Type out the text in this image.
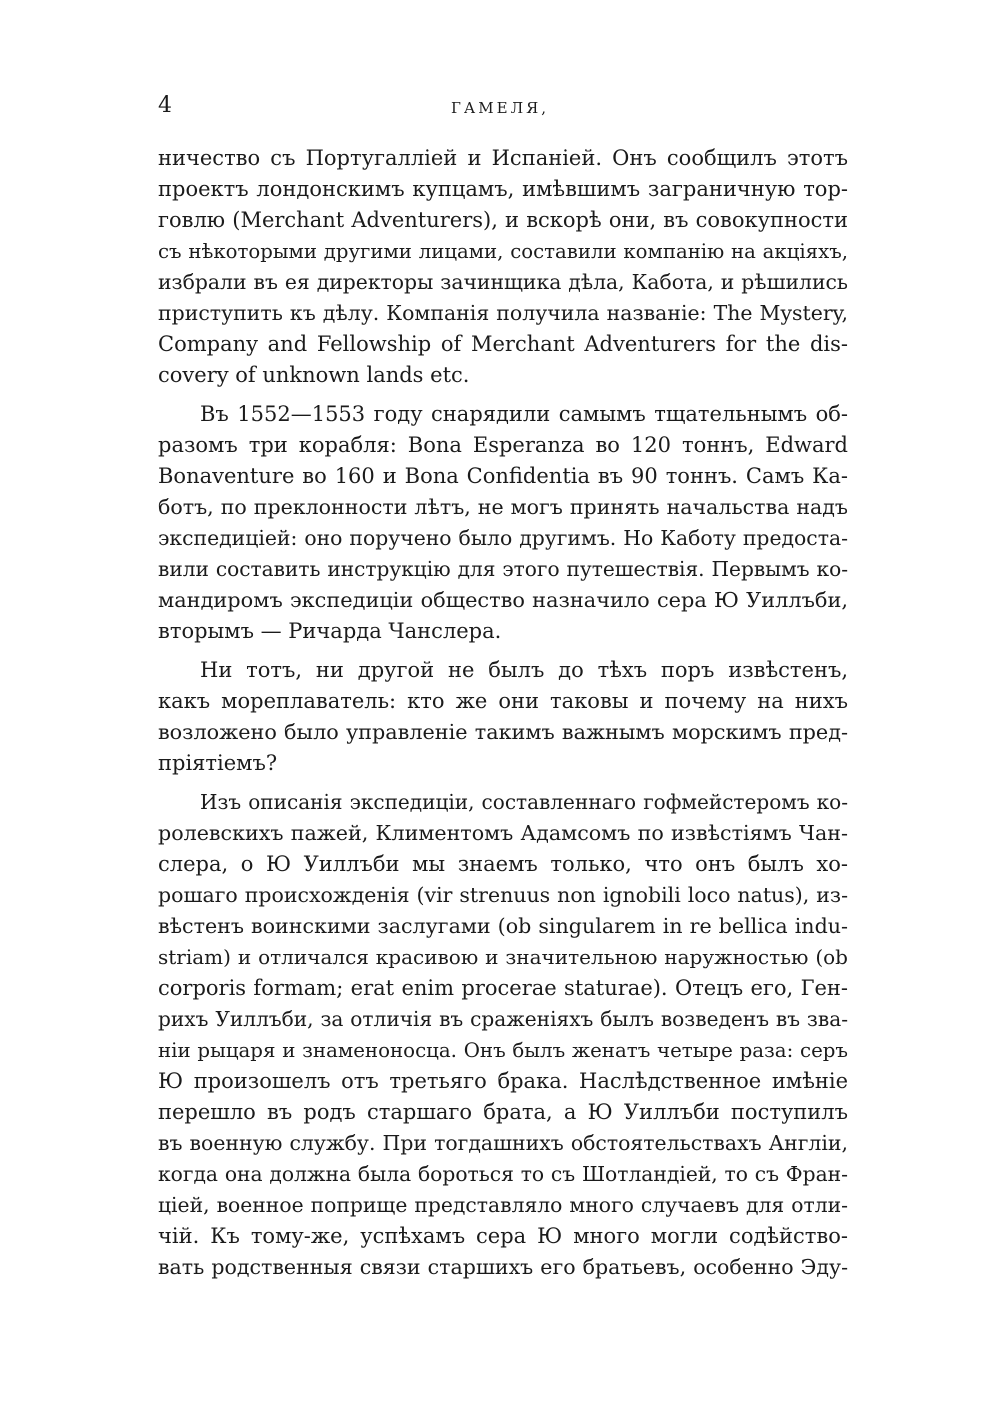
4	ГАМЕЛЯ,
ничество съ Португаллiей и Испанiей. Онъ сообщилъ этотъ
проектъ лондонскимъ купцамъ, имѣвшимъ заграничную тор-
говлю (Merchant Adventurers), и вскорѣ они, въ совокупности
съ нѣкоторыми другими лицами, составили компанiю на акцiяхъ,
избрали въ ея директоры зачинщика дѣла, Кабота, и рѣшились
приступить къ дѣлу. Компанiя получила названiе: The Mystery,
Company and Fellowship of Merchant Adventurers for the dis-
covery of unknown lands etc.
Въ 1552—1553 году снарядили самымъ тщательнымъ об-
разомъ три корабля: Bona Esperanza во 120 тоннъ, Edward
Bonaventure во 160 и Bona Confidentia въ 90 тоннъ. Самъ Ка-
ботъ, по преклонности лѣтъ, не могъ принять начальства надъ
экспедицiей: оно поручено было другимъ. Но Каботу предоста-
вили составить инструкцiю для этого путешествiя. Первымъ ко-
мандиромъ экспедицiи общество назначило сера Ю Уиллъби,
вторымъ — Ричарда Чанслера.
Ни тотъ, ни другой не былъ до тѣхъ поръ извѣстенъ,
какъ мореплаватель: кто же они таковы и почему на нихъ
возложено было управленiе такимъ важнымъ морскимъ пред-
прiятiемъ?
Изъ описанiя экспедицiи, составленнаго гофмейстеромъ ко-
ролевскихъ пажей, Климентомъ Адамсомъ по извѣстiямъ Чан-
слера, о Ю Уиллъби мы знаемъ только, что онъ былъ хо-
рошаго происхожденiя (vir strenuus non ignobili loco natus), из-
вѣстенъ воинскими заслугами (ob singularem in re bellica indu-
striam) и отличался красивою и значительною наружностью (ob
corporis formam; erat enim procerae staturae). Отецъ его, Ген-
рихъ Уиллъби, за отличiя въ сраженiяхъ былъ возведенъ въ зва-
нiи рыцаря и знаменоносца. Онъ былъ женатъ четыре раза: серъ
Ю произошелъ отъ третьяго брака. Наслѣдственное имѣнiе
перешло въ родъ старшаго брата, а Ю Уиллъби поступилъ
въ военную службу. При тогдашнихъ обстоятельствахъ Англiи,
когда она должна была бороться то съ Шотландiей, то съ Фран-
цiей, военное поприще представляло много случаевъ для отли-
чiй. Къ тому-же, успѣхамъ сера Ю много могли содѣйство-
вать родственныя связи старшихъ его братьевъ, особенно Эду-
